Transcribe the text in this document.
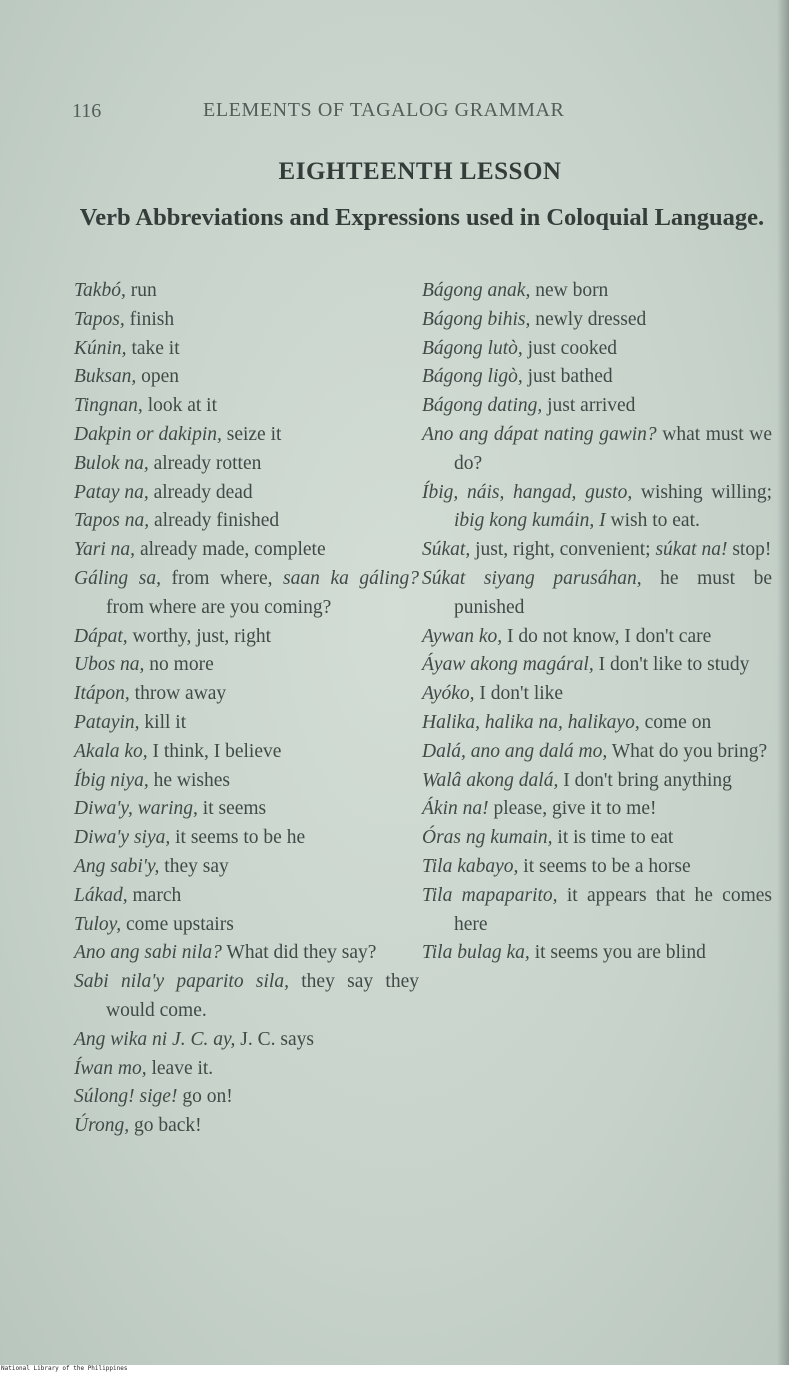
116	ELEMENTS OF TAGALOG GRAMMAR
EIGHTEENTH LESSON
Verb Abbreviations and Expressions used in Coloquial Language.
Takbó, run
Tapos, finish
Kúnin, take it
Buksan, open
Tingnan, look at it
Dakpin or dakipin, seize it
Bulok na, already rotten
Patay na, already dead
Tapos na, already finished
Yari na, already made, complete
Gáling sa, from where, saan ka gáling? from where are you coming?
Dápat, worthy, just, right
Ubos na, no more
Itápon, throw away
Patayin, kill it
Akala ko, I think, I believe
Íbig niya, he wishes
Diwa'y, waring, it seems
Diwa'y siya, it seems to be he
Ang sabi'y, they say
Lákad, march
Tuloy, come upstairs
Ano ang sabi nila? What did they say?
Sabi nila'y paparito sila, they say they would come.
Ang wika ni J. C. ay, J. C. says
Íwan mo, leave it.
Súlong! sige! go on!
Úrong, go back!
Bágong anak, new born
Bágong bihis, newly dressed
Bágong lutò, just cooked
Bágong ligò, just bathed
Bágong dating, just arrived
Ano ang dápat nating gawin? what must we do?
Íbig, náis, hangad, gusto, wishing willing; ibig kong kumáin, I wish to eat.
Súkat, just, right, convenient; súkat na! stop!
Súkat siyang parusáhan, he must be punished
Aywan ko, I do not know, I don't care
Áyaw akong magáral, I don't like to study
Ayóko, I don't like
Halika, halika na, halikayo, come on
Dalá, ano ang dalá mo, What do you bring?
Walâ akong dalá, I don't bring anything
Ákin na! please, give it to me!
Óras ng kumain, it is time to eat
Tila kabayo, it seems to be a horse
Tila mapaparito, it appears that he comes here
Tila bulag ka, it seems you are blind
National Library of the Philippines
